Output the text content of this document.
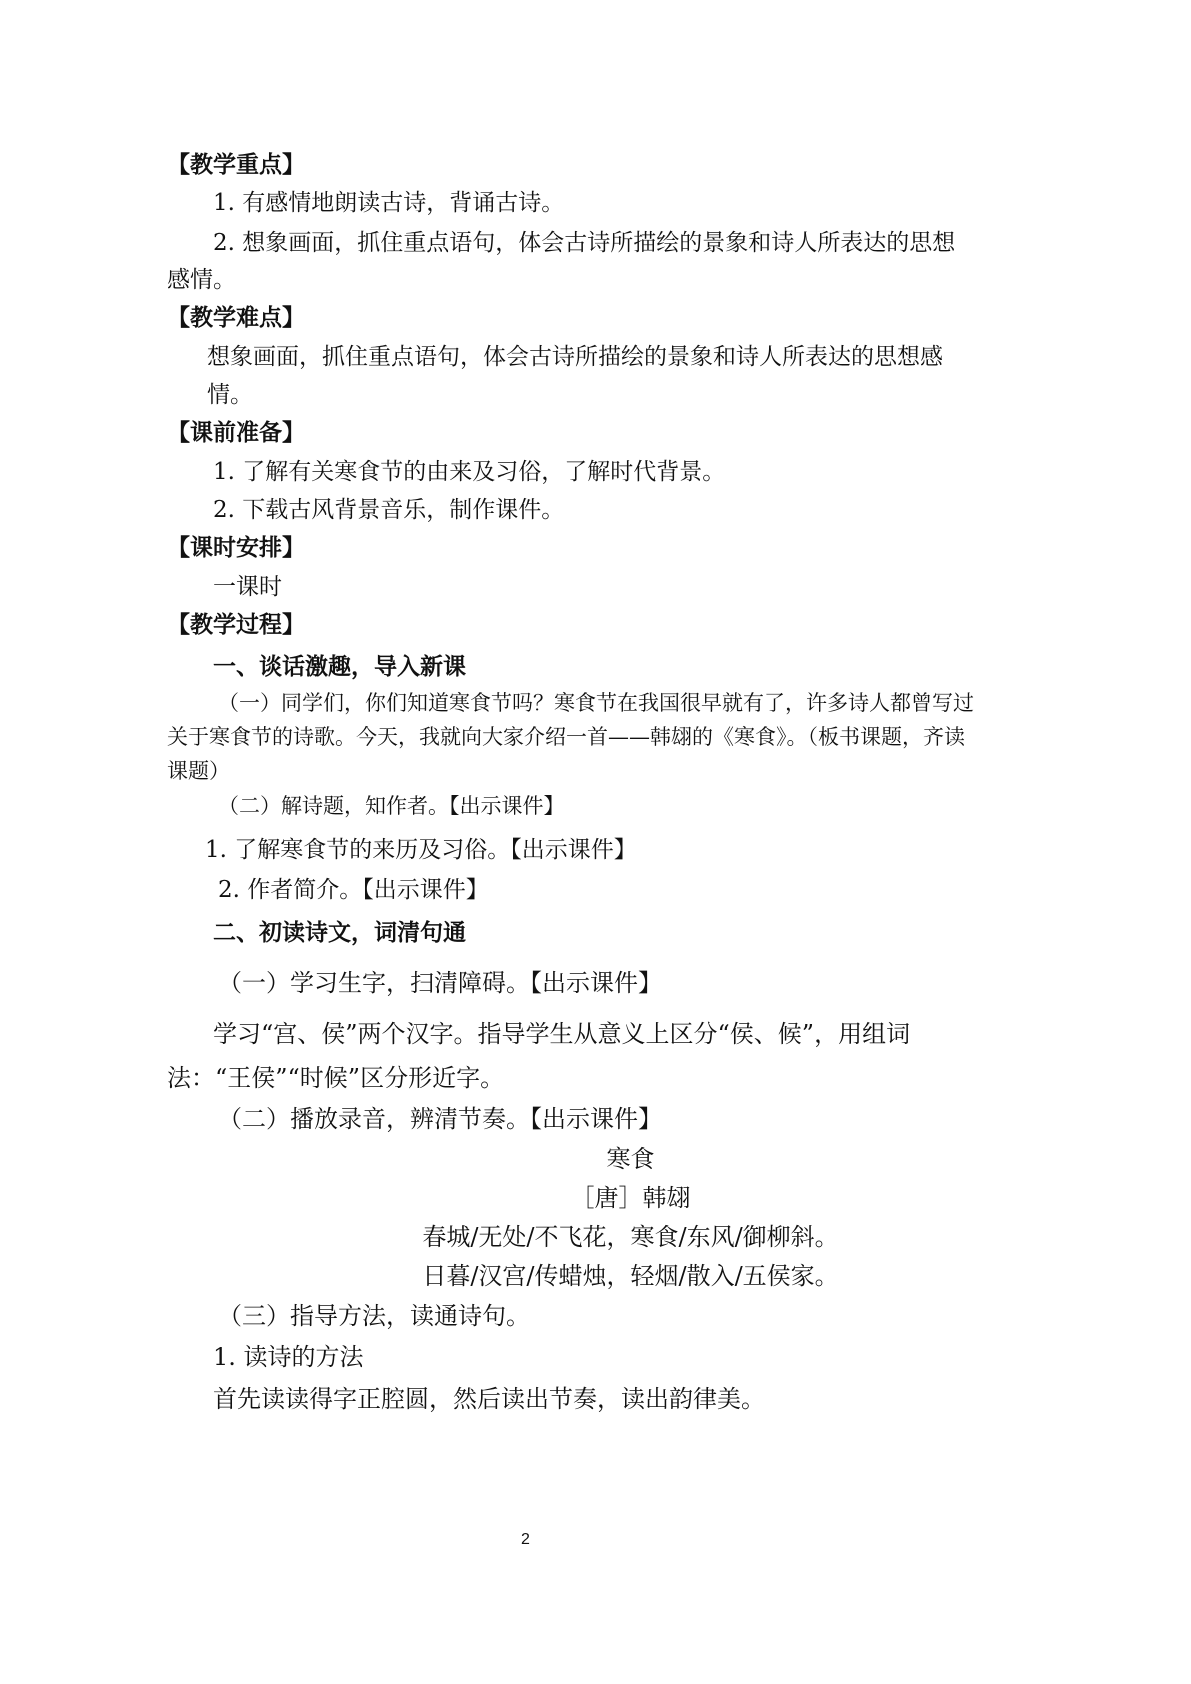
【教学重点】
1. 有感情地朗读古诗，背诵古诗。
2. 想象画面，抓住重点语句，体会古诗所描绘的景象和诗人所表达的思想
感情。
【教学难点】
想象画面，抓住重点语句，体会古诗所描绘的景象和诗人所表达的思想感
情。
【课前准备】
1. 了解有关寒食节的由来及习俗，了解时代背景。
2. 下载古风背景音乐，制作课件。
【课时安排】
一课时
【教学过程】
一、谈话激趣，导入新课
（一）同学们，你们知道寒食节吗？寒食节在我国很早就有了，许多诗人都曾写过
关于寒食节的诗歌。今天，我就向大家介绍一首——韩翃的《寒食》。（板书课题，齐读
课题）
（二）解诗题，知作者。【出示课件】
1. 了解寒食节的来历及习俗。【出示课件】
2. 作者简介。【出示课件】
二、初读诗文，词清句通
（一）学习生字，扫清障碍。【出示课件】
学习“宫、侯”两个汉字。指导学生从意义上区分“侯、候”，用组词
法：“王侯”“时候”区分形近字。
（二）播放录音，辨清节奏。【出示课件】
寒食
［唐］韩翃
春城/无处/不飞花，寒食/东风/御柳斜。
日暮/汉宫/传蜡烛，轻烟/散入/五侯家。
（三）指导方法，读通诗句。
1. 读诗的方法
首先读读得字正腔圆，然后读出节奏，读出韵律美。
2
